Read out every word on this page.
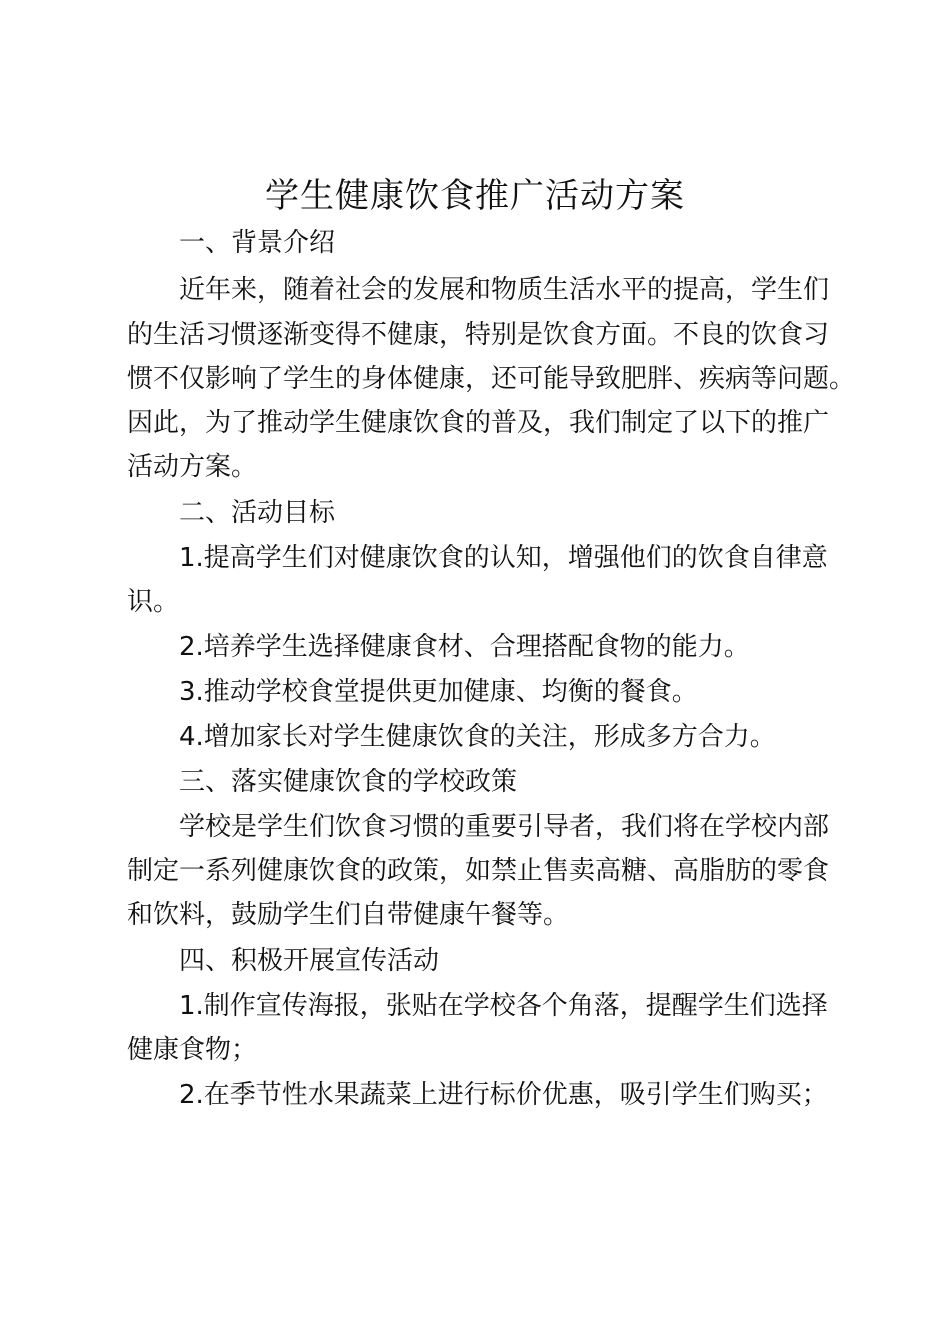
学生健康饮食推广活动方案
一、背景介绍
近年来，随着社会的发展和物质生活水平的提高，学生们
的生活习惯逐渐变得不健康，特别是饮食方面。不良的饮食习
惯不仅影响了学生的身体健康，还可能导致肥胖、疾病等问题。
因此，为了推动学生健康饮食的普及，我们制定了以下的推广
活动方案。
二、活动目标
1.提高学生们对健康饮食的认知，增强他们的饮食自律意
识。
2.培养学生选择健康食材、合理搭配食物的能力。
3.推动学校食堂提供更加健康、均衡的餐食。
4.增加家长对学生健康饮食的关注，形成多方合力。
三、落实健康饮食的学校政策
学校是学生们饮食习惯的重要引导者，我们将在学校内部
制定一系列健康饮食的政策，如禁止售卖高糖、高脂肪的零食
和饮料，鼓励学生们自带健康午餐等。
四、积极开展宣传活动
1.制作宣传海报，张贴在学校各个角落，提醒学生们选择
健康食物；
2.在季节性水果蔬菜上进行标价优惠，吸引学生们购买；
